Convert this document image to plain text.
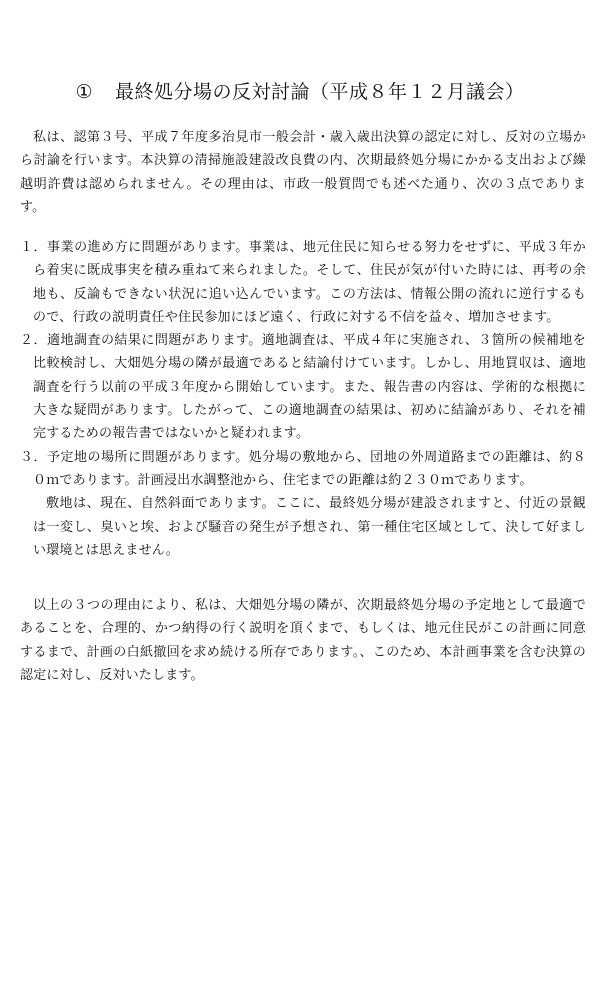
① 最終処分場の反対討論（平成８年１２月議会）

私は、認第３号、平成７年度多治見市一般会計・歳入歳出決算の認定に対し、反対の立場から討論を行います。本決算の清掃施設建設改良費の内、次期最終処分場にかかる支出および繰越明許費は認められません。その理由は、市政一般質問でも述べた通り、次の３点であります。

１．事業の進め方に問題があります。事業は、地元住民に知らせる努力をせずに、平成３年から着実に既成事実を積み重ねて来られました。そして、住民が気が付いた時には、再考の余地も、反論もできない状況に追い込んでいます。この方法は、情報公開の流れに逆行するもので、行政の説明責任や住民参加にほど遠く、行政に対する不信を益々、増加させます。
２．適地調査の結果に問題があります。適地調査は、平成４年に実施され、３箇所の候補地を比較検討し、大畑処分場の隣が最適であると結論付けています。しかし、用地買収は、適地調査を行う以前の平成３年度から開始しています。また、報告書の内容は、学術的な根拠に大きな疑問があります。したがって、この適地調査の結果は、初めに結論があり、それを補完するための報告書ではないかと疑われます。
３．予定地の場所に問題があります。処分場の敷地から、団地の外周道路までの距離は、約８０ｍであります。計画浸出水調整池から、住宅までの距離は約２３０ｍであります。
敷地は、現在、自然斜面であります。ここに、最終処分場が建設されますと、付近の景観は一変し、臭いと埃、および騒音の発生が予想され、第一種住宅区域として、決して好ましい環境とは思えません。

以上の３つの理由により、私は、大畑処分場の隣が、次期最終処分場の予定地として最適であることを、合理的、かつ納得の行く説明を頂くまで、もしくは、地元住民がこの計画に同意するまで、計画の白紙撤回を求め続ける所存であります。、このため、本計画事業を含む決算の認定に対し、反対いたします。
